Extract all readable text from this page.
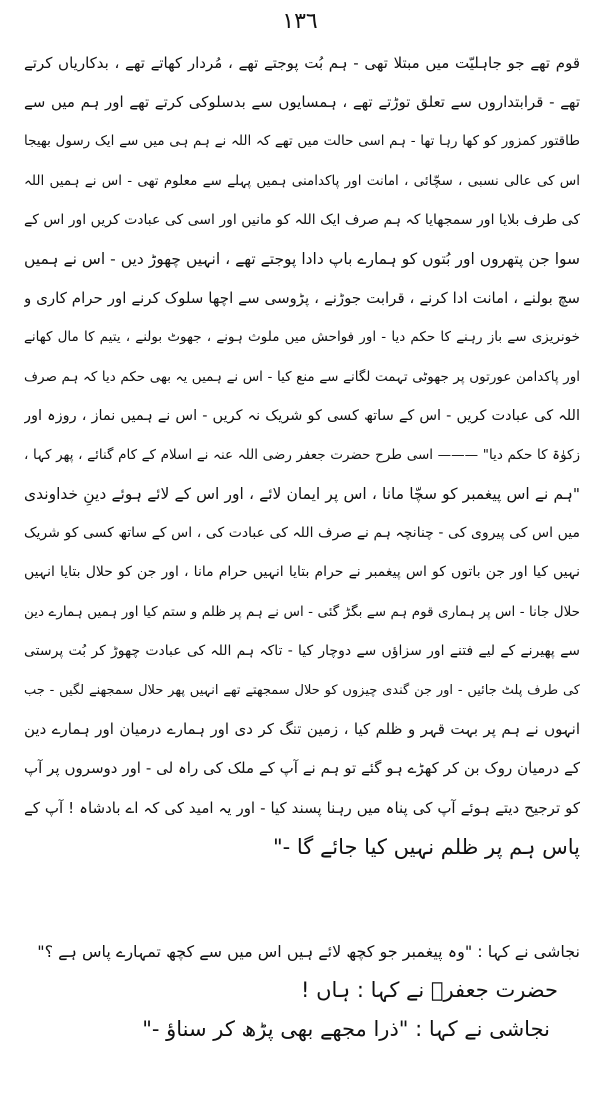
١٣٦
قوم تھے جو جاہلیّت میں مبتلا تھی - ہم بُت پوجتے تھے ، مُردار کھاتے تھے ، بدکاریاں کرتے
تھے - قرابتداروں سے تعلق توڑتے تھے ، ہمسایوں سے بدسلوکی کرتے تھے اور ہم میں سے
طاقتور کمزور کو کھا رہا تھا - ہم اسی حالت میں تھے کہ اللہ نے ہم ہی میں سے ایک رسول بھیجا
اس کی عالی نسبی ، سچّائی ، امانت اور پاکدامنی ہمیں پہلے سے معلوم تھی - اس نے ہمیں اللہ
کی طرف بلایا اور سمجھایا کہ ہم صرف ایک اللہ کو مانیں اور اسی کی عبادت کریں اور اس کے
سوا جن پتھروں اور بُتوں کو ہمارے باپ دادا پوجتے تھے ، انہیں چھوڑ دیں - اس نے ہمیں
سچ بولنے ، امانت ادا کرنے ، قرابت جوڑنے ، پڑوسی سے اچھا سلوک کرنے اور حرام کاری و
خونریزی سے باز رہنے کا حکم دیا - اور فواحش میں ملوث ہونے ، جھوٹ بولنے ، یتیم کا مال کھانے
اور پاکدامن عورتوں پر جھوٹی تہمت لگانے سے منع کیا - اس نے ہمیں یہ بھی حکم دیا کہ ہم صرف
اللہ کی عبادت کریں - اس کے ساتھ کسی کو شریک نہ کریں - اس نے ہمیں نماز ، روزہ اور
زکوٰۃ کا حکم دیا" ——— اسی طرح حضرت جعفر رضی اللہ عنہ نے اسلام کے کام گنائے ، پھر کہا ،
"ہم نے اس پیغمبر کو سچّا مانا ، اس پر ایمان لائے ، اور اس کے لائے ہوئے دینِ خداوندی
میں اس کی پیروی کی - چنانچہ ہم نے صرف اللہ کی عبادت کی ، اس کے ساتھ کسی کو شریک
نہیں کیا اور جن باتوں کو اس پیغمبر نے حرام بتایا انہیں حرام مانا ، اور جن کو حلال بتایا انہیں
حلال جانا - اس پر ہماری قوم ہم سے بگڑ گئی - اس نے ہم پر ظلم و ستم کیا اور ہمیں ہمارے دین
سے پھیرنے کے لیے فتنے اور سزاؤں سے دوچار کیا - تاکہ ہم اللہ کی عبادت چھوڑ کر بُت پرستی
کی طرف پلٹ جائیں - اور جن گندی چیزوں کو حلال سمجھتے تھے انہیں پھر حلال سمجھنے لگیں - جب
انہوں نے ہم پر بہت قہر و ظلم کیا ، زمین تنگ کر دی اور ہمارے درمیان اور ہمارے دین
کے درمیان روک بن کر کھڑے ہو گئے تو ہم نے آپ کے ملک کی راہ لی - اور دوسروں پر آپ
کو ترجیح دیتے ہوئے آپ کی پناہ میں رہنا پسند کیا - اور یہ امید کی کہ اے بادشاہ ! آپ کے
پاس ہم پر ظلم نہیں کیا جائے گا -"
نجاشی نے کہا : "وہ پیغمبر جو کچھ لائے ہیں اس میں سے کچھ تمہارے پاس ہے ؟"
حضرت جعفرؓ نے کہا : ہاں !
نجاشی نے کہا : "ذرا مجھے بھی پڑھ کر سناؤ -"
